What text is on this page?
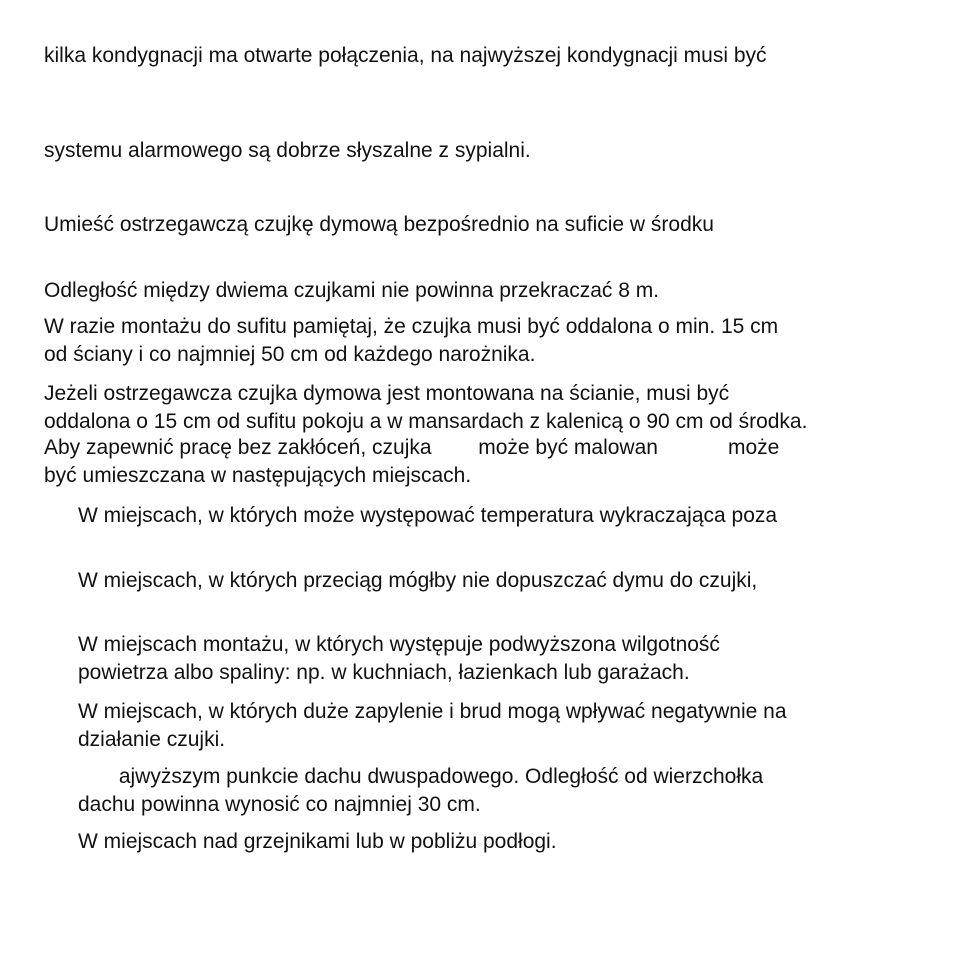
kilka kondygnacji ma otwarte połączenia, na najwyższej kondygnacji musi być
systemu alarmowego są dobrze słyszalne z sypialni.
Umieść ostrzegawczą czujkę dymową bezpośrednio na suficie w środku
Odległość między dwiema czujkami nie powinna przekraczać 8 m.
W razie montażu do sufitu pamiętaj, że czujka musi być oddalona o min. 15 cm
od ściany i co najmniej 50 cm od każdego narożnika.
Jeżeli ostrzegawcza czujka dymowa jest montowana na ścianie, musi być
oddalona o 15 cm od sufitu pokoju a w mansardach z kalenicą o 90 cm od środka.
Aby zapewnić pracę bez zakłóceń, czujka        może być malowan            może
być umieszczana w następujących miejscach.
W miejscach, w których może występować temperatura wykraczająca poza
W miejscach, w których przeciąg mógłby nie dopuszczać dymu do czujki,
W miejscach montażu, w których występuje podwyższona wilgotność
powietrza albo spaliny: np. w kuchniach, łazienkach lub garażach.
W miejscach, w których duże zapylenie i brud mogą wpływać negatywnie na
działanie czujki.
ajwyższym punkcie dachu dwuspadowego. Odległość od wierzchołka
dachu powinna wynosić co najmniej 30 cm.
W miejscach nad grzejnikami lub w pobliżu podłogi.
